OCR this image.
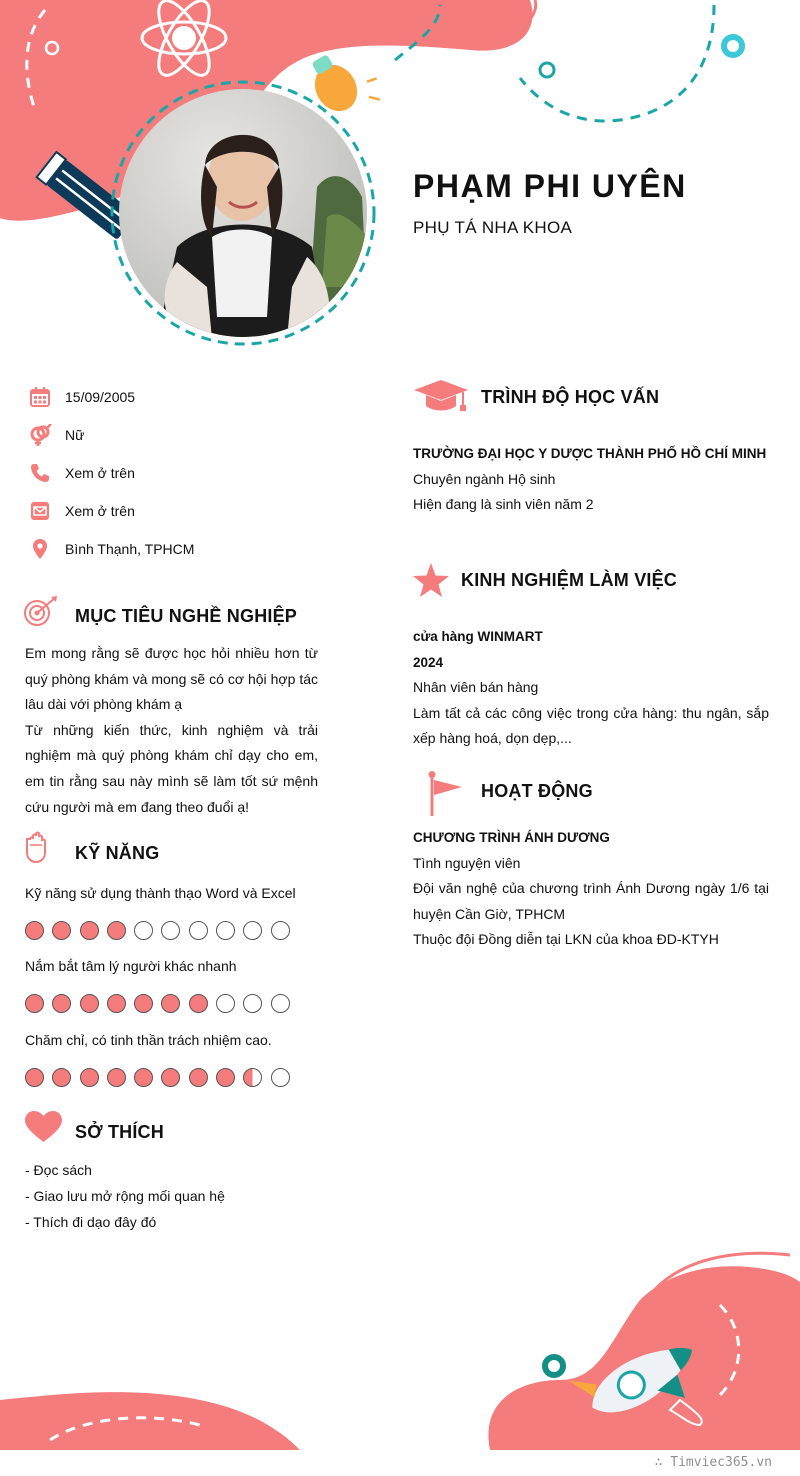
PHẠM PHI UYÊN
PHỤ TÁ NHA KHOA
15/09/2005
Nữ
Xem ở trên
Xem ở trên
Bình Thạnh, TPHCM
MỤC TIÊU NGHỀ NGHIỆP
Em mong rằng sẽ được học hỏi nhiều hơn từ quý phòng khám và mong sẽ có cơ hội hợp tác lâu dài với phòng khám ạ
Từ những kiến thức, kinh nghiệm và trải nghiệm mà quý phòng khám chỉ dạy cho em, em tin rằng sau này mình sẽ làm tốt sứ mệnh cứu người mà em đang theo đuổi ạ!
KỸ NĂNG
Kỹ năng sử dụng thành thạo Word và Excel
Nắm bắt tâm lý người khác nhanh
Chăm chỉ, có tinh thần trách nhiệm cao.
SỞ THÍCH
- Đọc sách
- Giao lưu mở rộng mối quan hệ
- Thích đi dạo đây đó
TRÌNH ĐỘ HỌC VẤN
TRƯỜNG ĐẠI HỌC Y DƯỢC THÀNH PHỐ HỒ CHÍ MINH
Chuyên ngành Hộ sinh
Hiện đang là sinh viên năm 2
KINH NGHIỆM LÀM VIỆC
cửa hàng WINMART
2024
Nhân viên bán hàng
Làm tất cả các công việc trong cửa hàng: thu ngân, sắp xếp hàng hoá, dọn dẹp,...
HOẠT ĐỘNG
CHƯƠNG TRÌNH ÁNH DƯƠNG
Tình nguyện viên
Đội văn nghệ của chương trình Ánh Dương ngày 1/6 tại huyện Cần Giờ, TPHCM
Thuộc đội Đồng diễn tại LKN của khoa ĐD-KTYH
∴ Timviec365.vn
